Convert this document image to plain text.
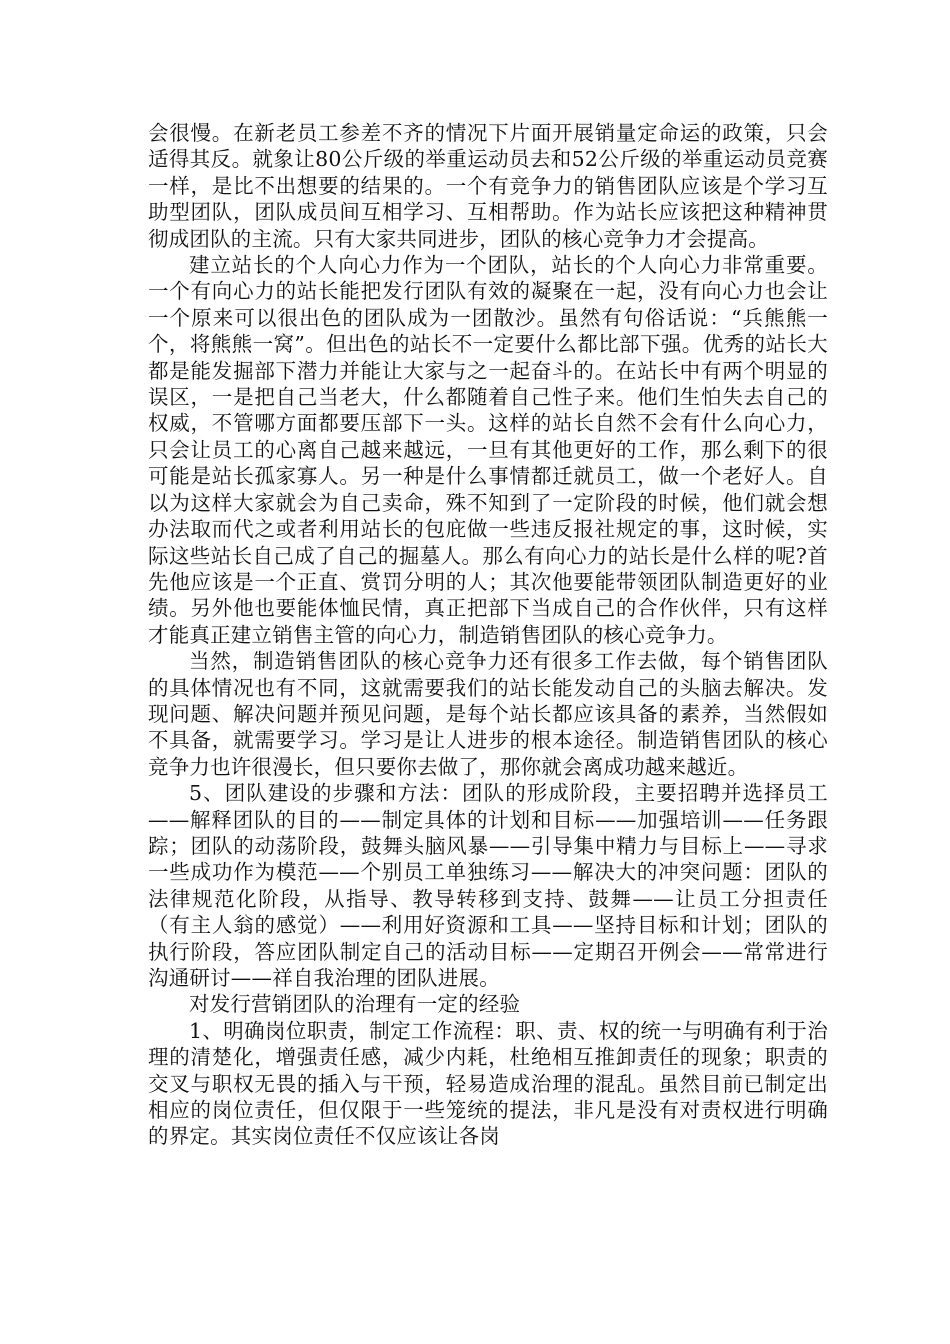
会很慢。在新老员工参差不齐的情况下片面开展销量定命运的政策，只会适得其反。就象让80公斤级的举重运动员去和52公斤级的举重运动员竞赛一样，是比不出想要的结果的。一个有竞争力的销售团队应该是个学习互助型团队，团队成员间互相学习、互相帮助。作为站长应该把这种精神贯彻成团队的主流。只有大家共同进步，团队的核心竞争力才会提高。

建立站长的个人向心力作为一个团队，站长的个人向心力非常重要。一个有向心力的站长能把发行团队有效的凝聚在一起，没有向心力也会让一个原来可以很出色的团队成为一团散沙。虽然有句俗话说：“兵熊熊一个，将熊熊一窝”。但出色的站长不一定要什么都比部下强。优秀的站长大都是能发掘部下潜力并能让大家与之一起奋斗的。在站长中有两个明显的误区，一是把自己当老大，什么都随着自己性子来。他们生怕失去自己的权威，不管哪方面都要压部下一头。这样的站长自然不会有什么向心力，只会让员工的心离自己越来越远，一旦有其他更好的工作，那么剩下的很可能是站长孤家寡人。另一种是什么事情都迁就员工，做一个老好人。自以为这样大家就会为自己卖命，殊不知到了一定阶段的时候，他们就会想办法取而代之或者利用站长的包庇做一些违反报社规定的事，这时候，实际这些站长自己成了自己的掘墓人。那么有向心力的站长是什么样的呢?首先他应该是一个正直、赏罚分明的人；其次他要能带领团队制造更好的业绩。另外他也要能体恤民情，真正把部下当成自己的合作伙伴，只有这样才能真正建立销售主管的向心力，制造销售团队的核心竞争力。

当然，制造销售团队的核心竞争力还有很多工作去做，每个销售团队的具体情况也有不同，这就需要我们的站长能发动自己的头脑去解决。发现问题、解决问题并预见问题，是每个站长都应该具备的素养，当然假如不具备，就需要学习。学习是让人进步的根本途径。制造销售团队的核心竞争力也许很漫长，但只要你去做了，那你就会离成功越来越近。

5、团队建设的步骤和方法：团队的形成阶段，主要招聘并选择员工——解释团队的目的——制定具体的计划和目标——加强培训——任务跟踪；团队的动荡阶段，鼓舞头脑风暴——引导集中精力与目标上——寻求一些成功作为模范——个别员工单独练习——解决大的冲突问题：团队的法律规范化阶段，从指导、教导转移到支持、鼓舞——让员工分担责任（有主人翁的感觉）——利用好资源和工具——坚持目标和计划；团队的执行阶段，答应团队制定自己的活动目标——定期召开例会——常常进行沟通研讨——祥自我治理的团队进展。

对发行营销团队的治理有一定的经验

1、明确岗位职责，制定工作流程：职、责、权的统一与明确有利于治理的清楚化，增强责任感，减少内耗，杜绝相互推卸责任的现象；职责的交叉与职权无畏的插入与干预，轻易造成治理的混乱。虽然目前已制定出相应的岗位责任，但仅限于一些笼统的提法，非凡是没有对责权进行明确的界定。其实岗位责任不仅应该让各岗
